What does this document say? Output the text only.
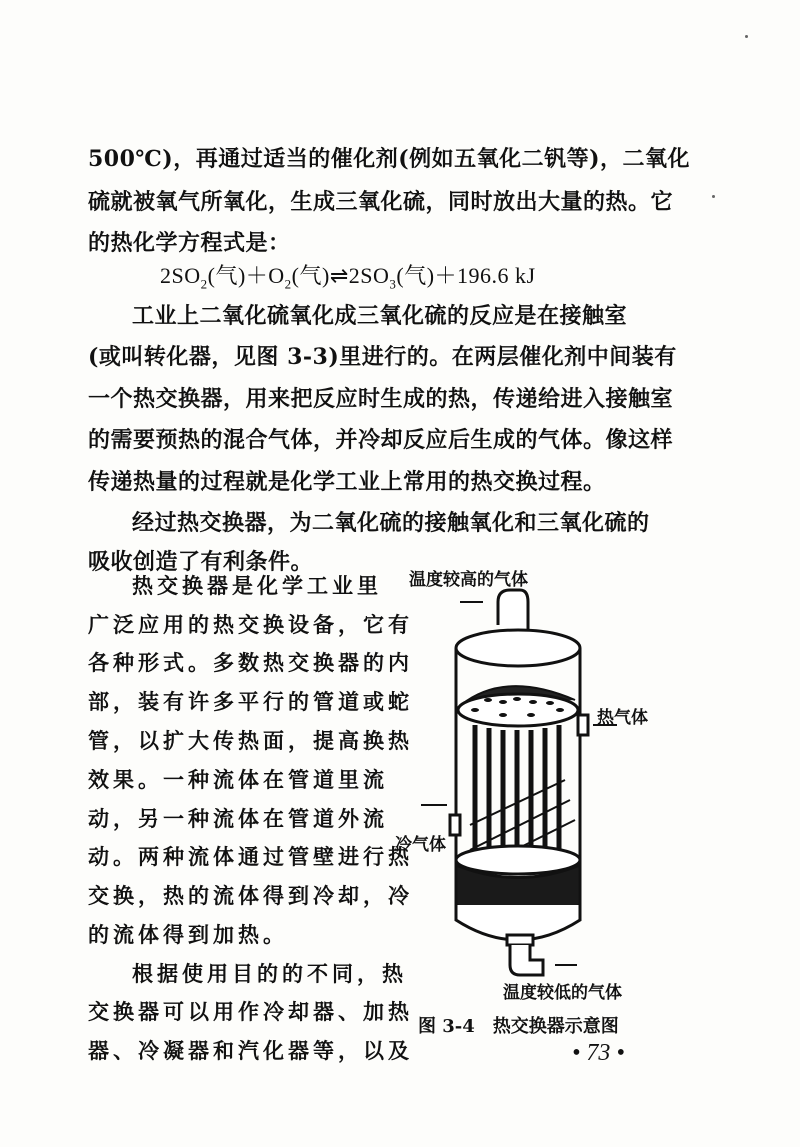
500℃)，再通过适当的催化剂(例如五氧化二钒等)，二氧化
硫就被氧气所氧化，生成三氧化硫，同时放出大量的热。它
的热化学方程式是：
$2SO_2$(气)$+O_2$(气)$\rightleftharpoons 2SO_3$(气)＋196.6 kJ
工业上二氧化硫氧化成三氧化硫的反应是在接触室
(或叫转化器，见图 3-3)里进行的。在两层催化剂中间装有
一个热交换器，用来把反应时生成的热，传递给进入接触室
的需要预热的混合气体，并冷却反应后生成的气体。像这样
传递热量的过程就是化学工业上常用的热交换过程。
经过热交换器，为二氧化硫的接触氧化和三氧化硫的
吸收创造了有利条件。
热交换器是化学工业里
广泛应用的热交换设备，它有
各种形式。多数热交换器的内
部，装有许多平行的管道或蛇
管，以扩大传热面，提高换热
效果。一种流体在管道里流
动，另一种流体在管道外流
动。两种流体通过管壁进行热
交换，热的流体得到冷却，冷
的流体得到加热。
根据使用目的的不同，热
交换器可以用作冷却器、加热
器、冷凝器和汽化器等，以及
温度较高的气体
热气体
冷气体
温度较低的气体
图 3-4　热交换器示意图
• 73 •
